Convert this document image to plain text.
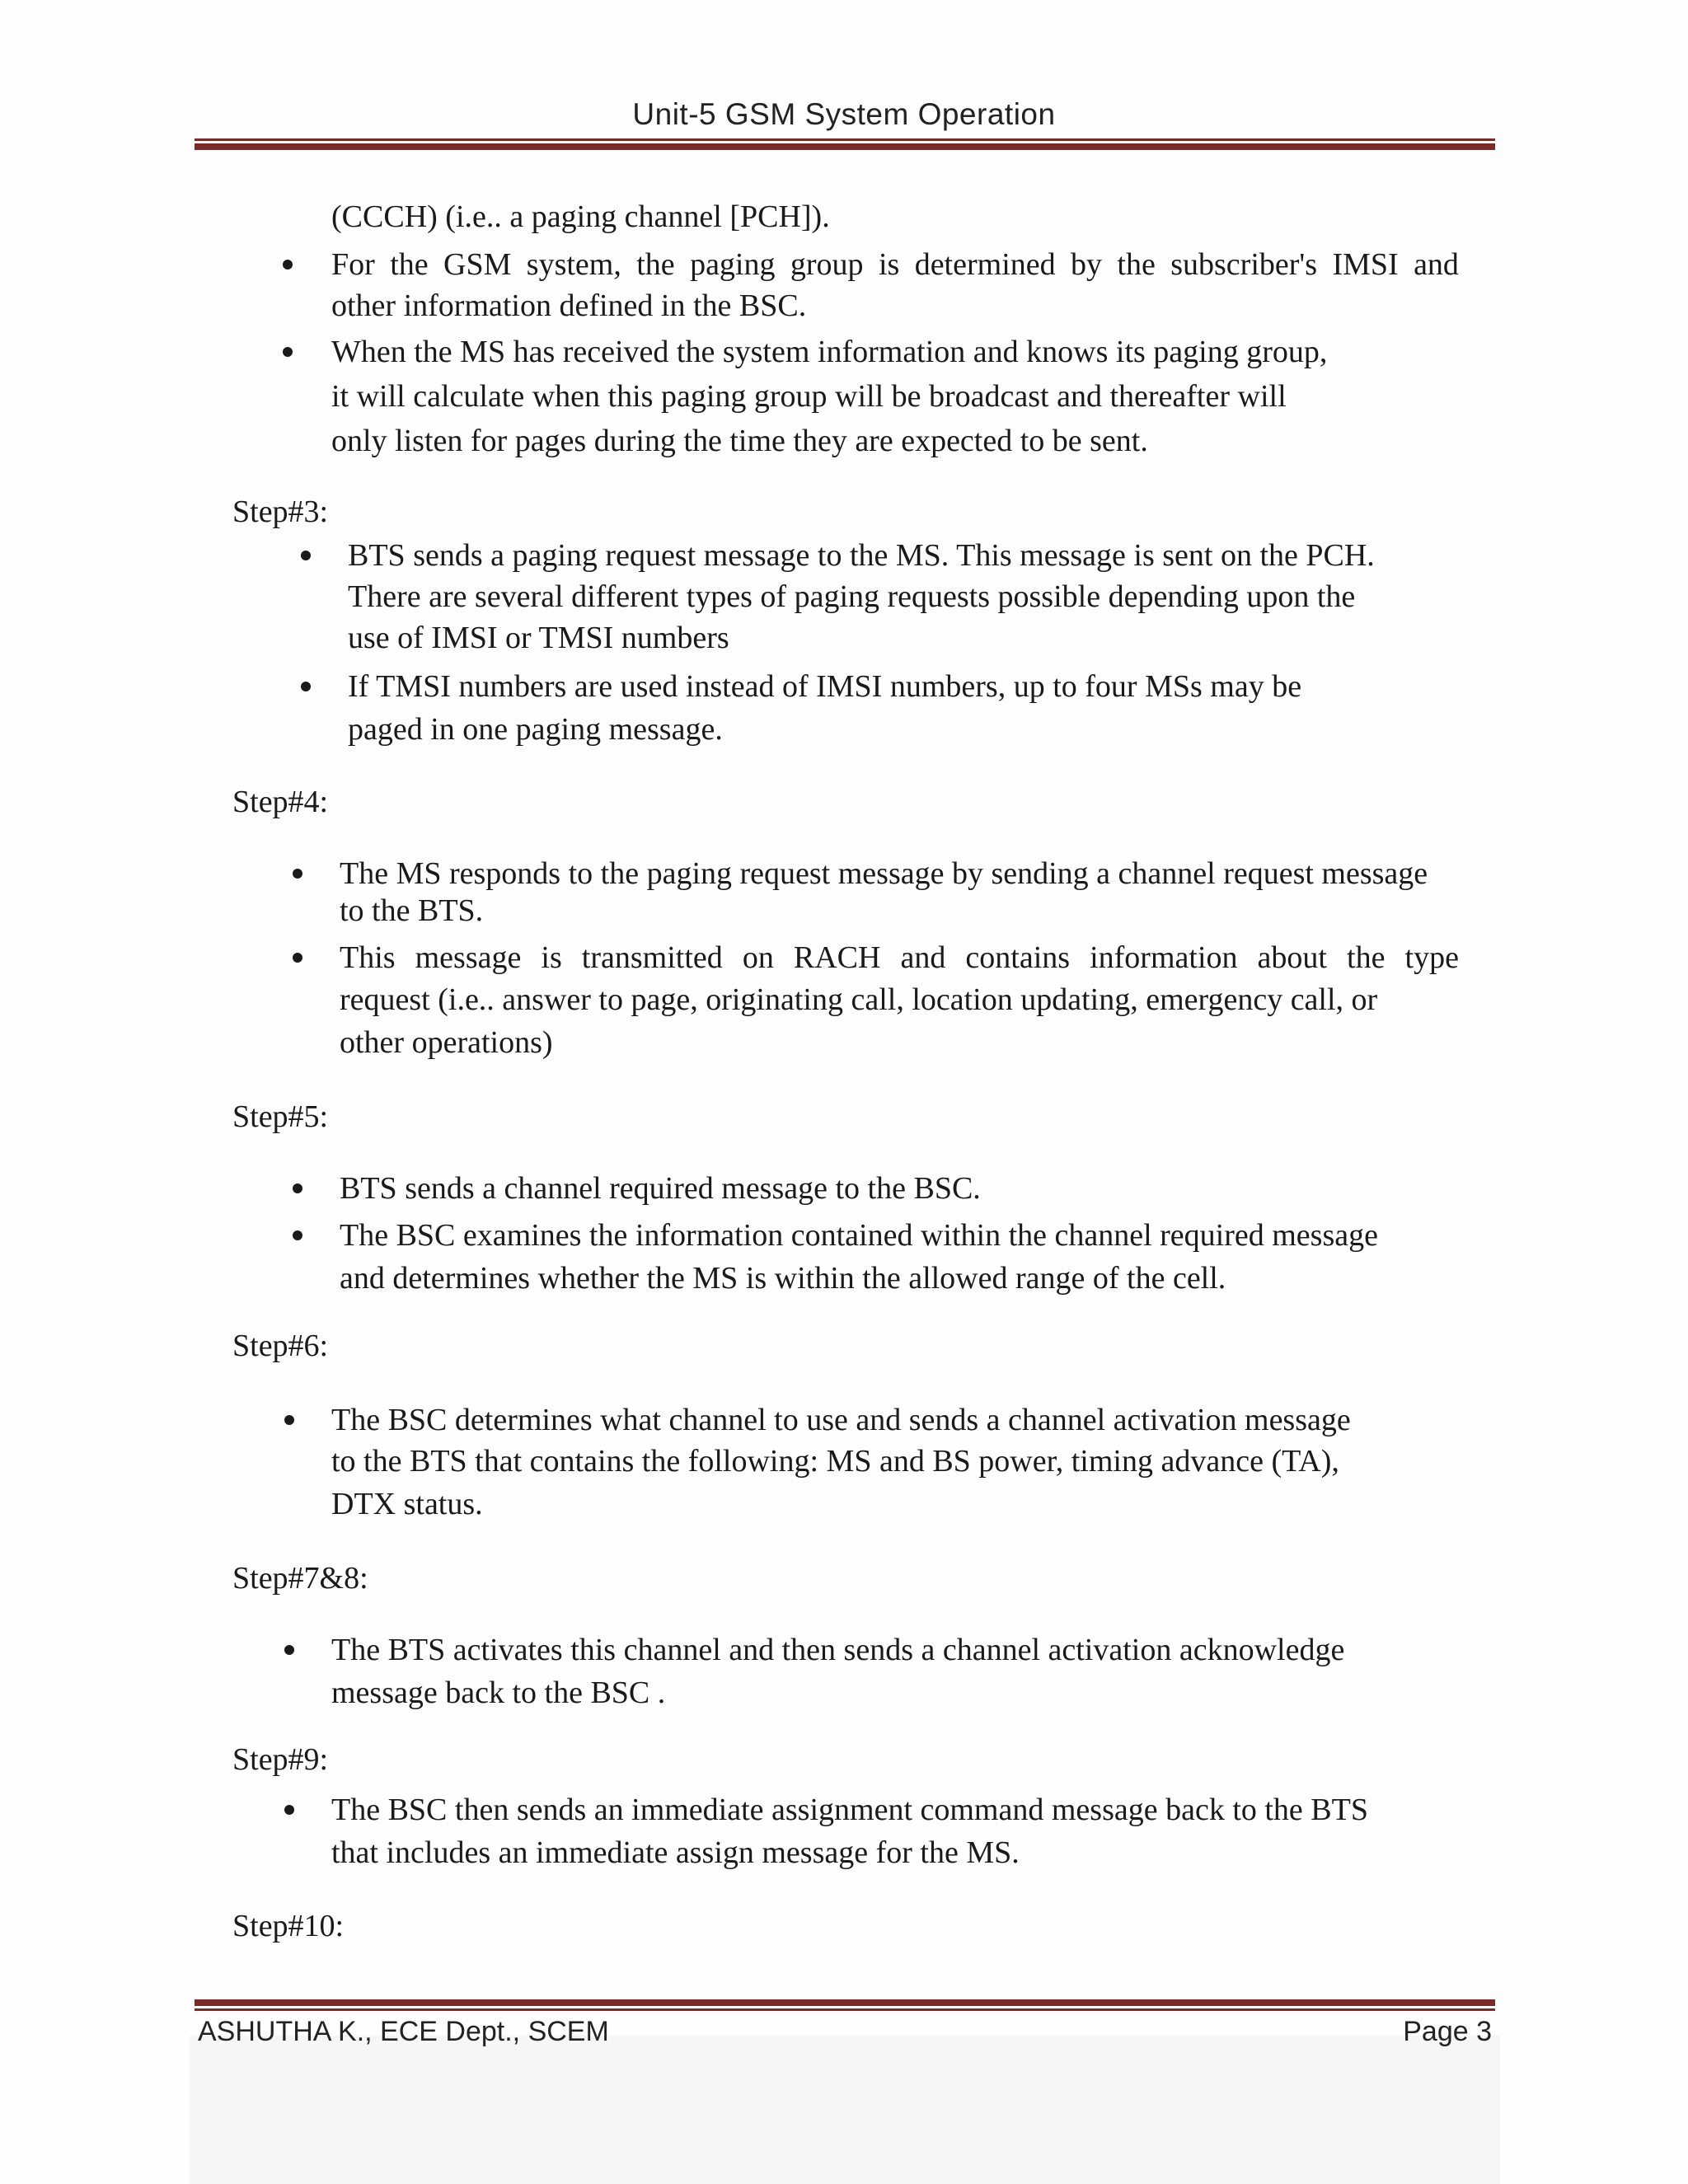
Unit-5 GSM System Operation
(CCCH) (i.e.. a paging channel [PCH]).
For the GSM system, the paging group is determined by the subscriber's IMSI and
other information defined in the BSC.
When the MS has received the system information and knows its paging group,
it will calculate when this paging group will be broadcast and thereafter will
only listen for pages during the time they are expected to be sent.
Step#3:
BTS sends a paging request message to the MS. This message is sent on the PCH.
There are several different types of paging requests possible depending upon the
use of IMSI or TMSI numbers
If TMSI numbers are used instead of IMSI numbers, up to four MSs may be
paged in one paging message.
Step#4:
The MS responds to the paging request message by sending a channel request message
to the BTS.
This message is transmitted on RACH and contains information about the type
request (i.e.. answer to page, originating call, location updating, emergency call, or
other operations)
Step#5:
BTS sends a channel required message to the BSC.
The BSC examines the information contained within the channel required message
and determines whether the MS is within the allowed range of the cell.
Step#6:
The BSC determines what channel to use and sends a channel activation message
to the BTS that contains the following: MS and BS power, timing advance (TA),
DTX status.
Step#7&8:
The BTS activates this channel and then sends a channel activation acknowledge
message back to the BSC .
Step#9:
The BSC then sends an immediate assignment command message back to the BTS
that includes an immediate assign message for the MS.
Step#10:
ASHUTHA K., ECE Dept., SCEM	Page 3
